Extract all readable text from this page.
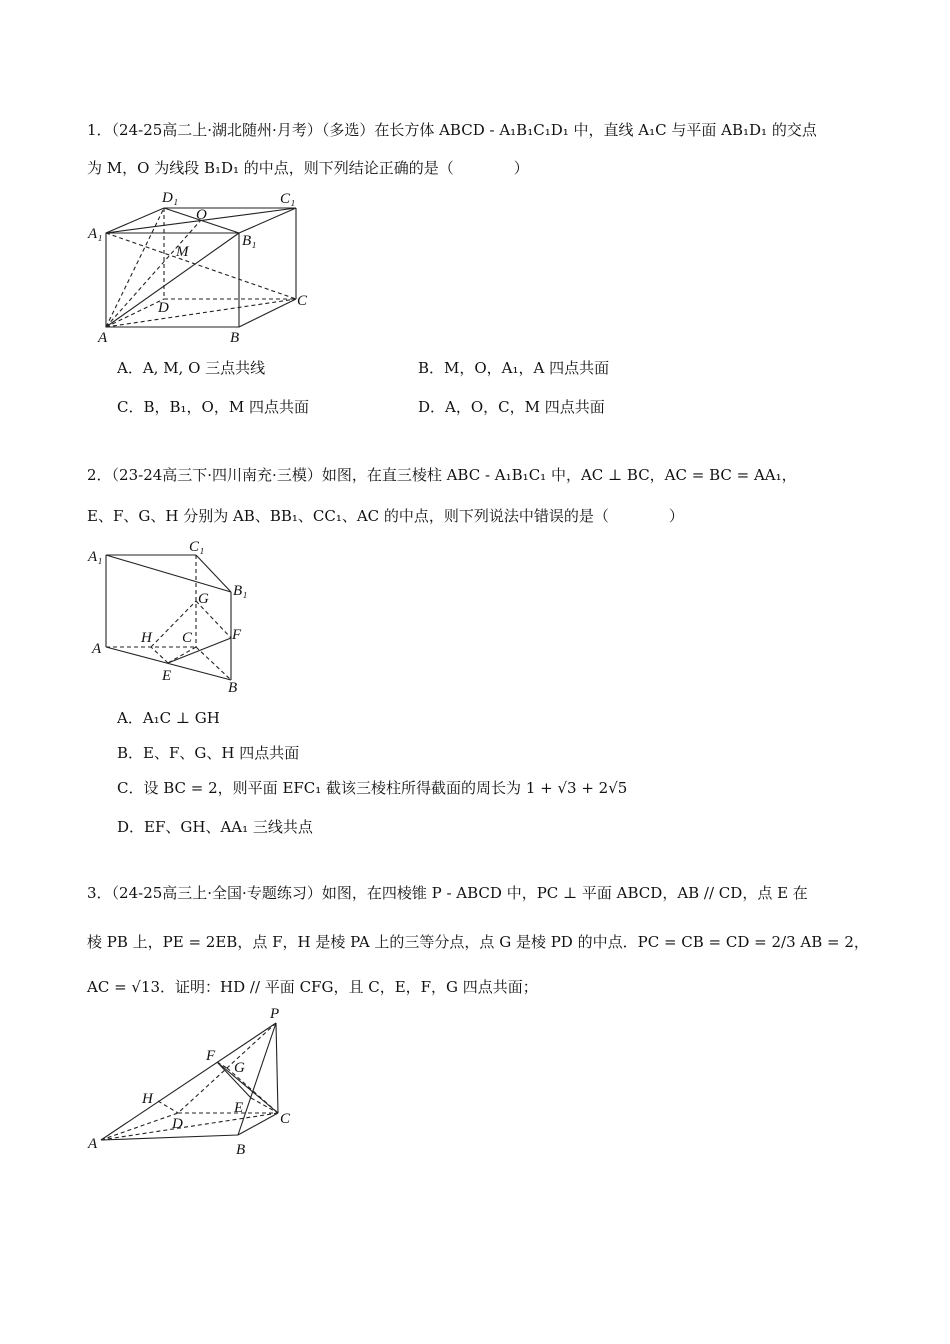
1．（24-25高二上·湖北随州·月考）（多选）在长方体 ABCD - A₁B₁C₁D₁ 中，直线 A₁C 与平面 AB₁D₁ 的交点
为 M，O 为线段 B₁D₁ 的中点，则下列结论正确的是（　　　　）
A₁
D₁
O
C₁
B₁
M
D	C
A	B
A．A, M, O 三点共线	B．M，O，A₁，A 四点共面
C．B，B₁，O，M 四点共面	D．A，O，C，M 四点共面
2．（23-24高三下·四川南充·三模）如图，在直三棱柱 ABC - A₁B₁C₁ 中，AC ⊥ BC，AC = BC = AA₁，
E、F、G、H 分别为 AB、BB₁、CC₁、AC 的中点，则下列说法中错误的是（　　　　）
A₁
C₁
B₁
G
H C	F
A
E
B
A．A₁C ⊥ GH
B．E、F、G、H 四点共面
C．设 BC = 2，则平面 EFC₁ 截该三棱柱所得截面的周长为 1 + √3 + 2√5
D．EF、GH、AA₁ 三线共点
3．（24-25高三上·全国·专题练习）如图，在四棱锥 P - ABCD 中，PC ⊥ 平面 ABCD，AB // CD，点 E 在
棱 PB 上，PE = 2EB，点 F，H 是棱 PA 上的三等分点，点 G 是棱 PD 的中点．PC = CB = CD = 2/3 AB = 2，
AC = √13．证明：HD // 平面 CFG，且 C，E，F，G 四点共面；
P
F
G
H
E
D	C
A	B
